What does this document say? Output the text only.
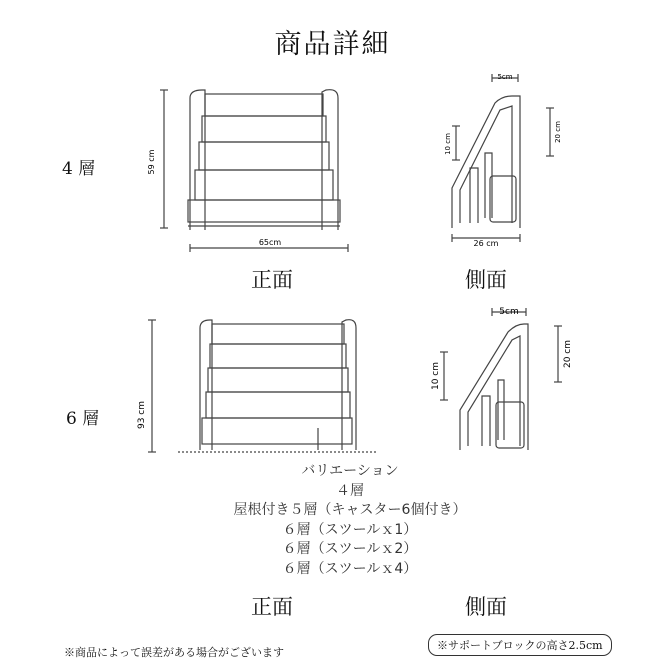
商品詳細
4 層	59 cm
65cm
5cm
10 cm
20 cm
26 cm
正面	側面
6 層	93 cm
5cm
10 cm
20 cm
バリエーション
４層
屋根付き５層（キャスター6個付き）
６層（スツールｘ1）
６層（スツールｘ2）
６層（スツールｘ4）
正面	側面
※商品によって誤差がある場合がございます
※サポートブロックの高さ2.5cm
